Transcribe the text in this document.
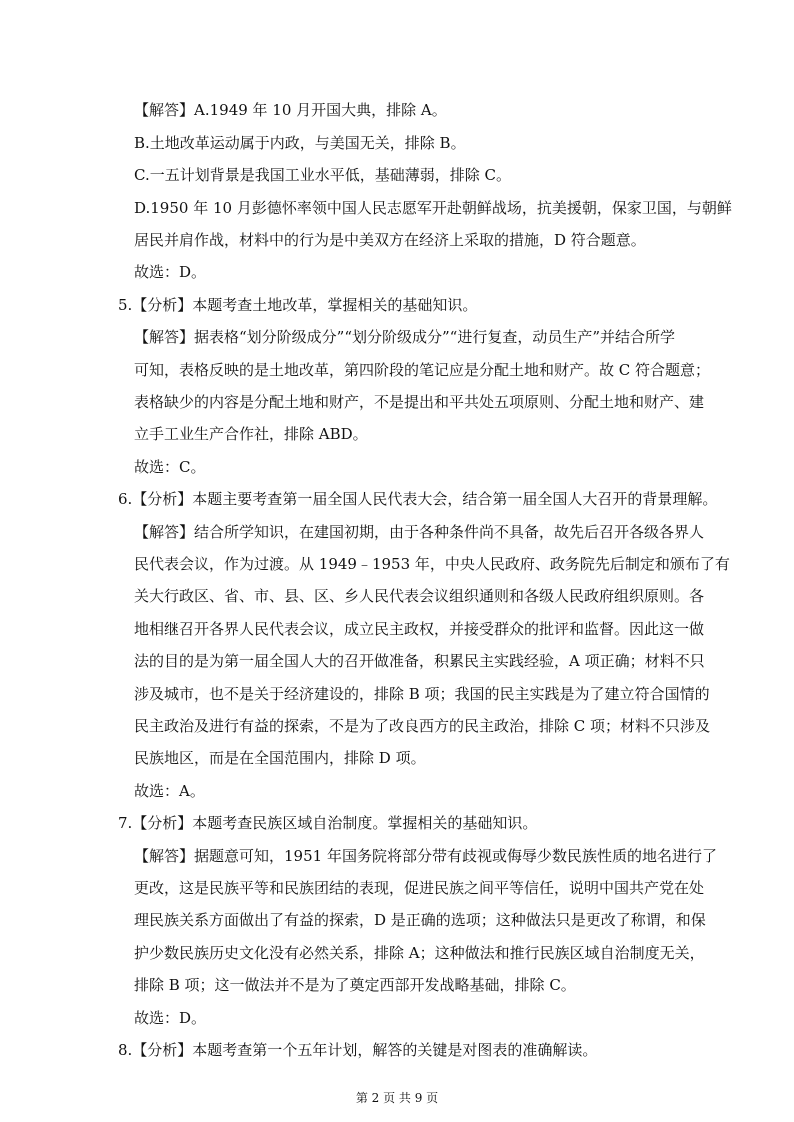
【解答】A.1949 年 10 月开国大典，排除 A。
B.土地改革运动属于内政，与美国无关，排除 B。
C.一五计划背景是我国工业水平低，基础薄弱，排除 C。
D.1950 年 10 月彭德怀率领中国人民志愿军开赴朝鲜战场，抗美援朝，保家卫国，与朝鲜
居民并肩作战，材料中的行为是中美双方在经济上采取的措施，D 符合题意。
故选：D。
5.【分析】本题考查土地改革，掌握相关的基础知识。
【解答】据表格“划分阶级成分”“划分阶级成分”“进行复查，动员生产”并结合所学
可知，表格反映的是土地改革，第四阶段的笔记应是分配土地和财产。故 C 符合题意；
表格缺少的内容是分配土地和财产，不是提出和平共处五项原则、分配土地和财产、建
立手工业生产合作社，排除 ABD。
故选：C。
6.【分析】本题主要考查第一届全国人民代表大会，结合第一届全国人大召开的背景理解。
【解答】结合所学知识，在建国初期，由于各种条件尚不具备，故先后召开各级各界人
民代表会议，作为过渡。从 1949﹣1953 年，中央人民政府、政务院先后制定和颁布了有
关大行政区、省、市、县、区、乡人民代表会议组织通则和各级人民政府组织原则。各
地相继召开各界人民代表会议，成立民主政权，并接受群众的批评和监督。因此这一做
法的目的是为第一届全国人大的召开做准备，积累民主实践经验，A 项正确；材料不只
涉及城市，也不是关于经济建设的，排除 B 项；我国的民主实践是为了建立符合国情的
民主政治及进行有益的探索，不是为了改良西方的民主政治，排除 C 项；材料不只涉及
民族地区，而是在全国范围内，排除 D 项。
故选：A。
7.【分析】本题考查民族区域自治制度。掌握相关的基础知识。
【解答】据题意可知，1951 年国务院将部分带有歧视或侮辱少数民族性质的地名进行了
更改，这是民族平等和民族团结的表现，促进民族之间平等信任，说明中国共产党在处
理民族关系方面做出了有益的探索，D 是正确的选项；这种做法只是更改了称谓，和保
护少数民族历史文化没有必然关系，排除 A；这种做法和推行民族区域自治制度无关，
排除 B 项；这一做法并不是为了奠定西部开发战略基础，排除 C。
故选：D。
8.【分析】本题考查第一个五年计划，解答的关键是对图表的准确解读。
第 2 页 共 9 页
